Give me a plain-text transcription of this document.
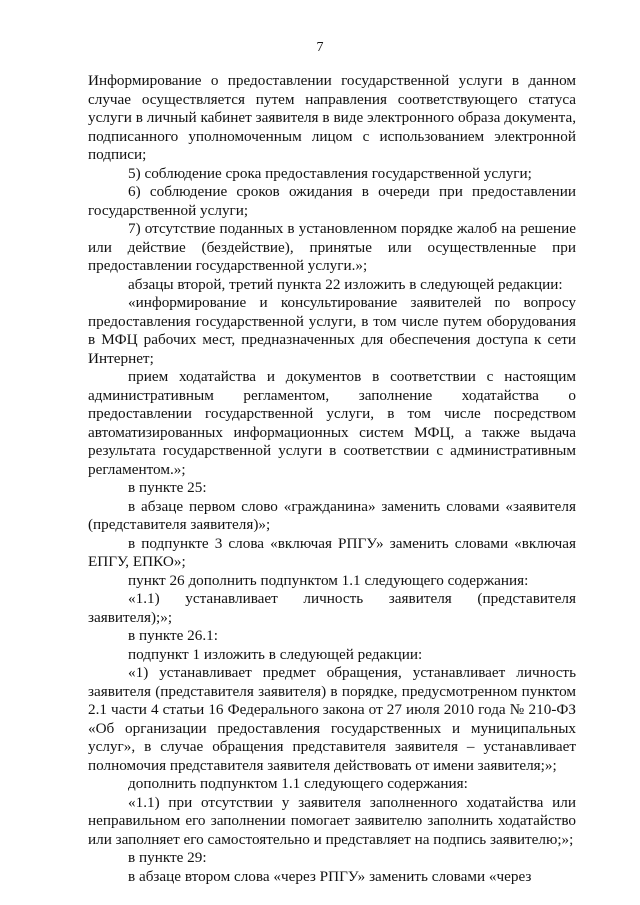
7

Информирование о предоставлении государственной услуги в данном случае осуществляется путем направления соответствующего статуса услуги в личный кабинет заявителя в виде электронного образа документа, подписанного уполномоченным лицом с использованием электронной подписи;

5) соблюдение срока предоставления государственной услуги;

6) соблюдение сроков ожидания в очереди при предоставлении государственной услуги;

7) отсутствие поданных в установленном порядке жалоб на решение или действие (бездействие), принятые или осуществленные при предоставлении государственной услуги.»;

абзацы второй, третий пункта 22 изложить в следующей редакции:

«информирование и консультирование заявителей по вопросу предоставления государственной услуги, в том числе путем оборудования в МФЦ рабочих мест, предназначенных для обеспечения доступа к сети Интернет;

прием ходатайства и документов в соответствии с настоящим административным регламентом, заполнение ходатайства о предоставлении государственной услуги, в том числе посредством автоматизированных информационных систем МФЦ, а также выдача результата государственной услуги в соответствии с административным регламентом.»;

в пункте 25:

в абзаце первом слово «гражданина» заменить словами «заявителя (представителя заявителя)»;

в подпункте 3 слова «включая РПГУ» заменить словами «включая ЕПГУ, ЕПКО»;

пункт 26 дополнить подпунктом 1.1 следующего содержания:

«1.1) устанавливает личность заявителя (представителя заявителя);»;

в пункте 26.1:

подпункт 1 изложить в следующей редакции:

«1) устанавливает предмет обращения, устанавливает личность заявителя (представителя заявителя) в порядке, предусмотренном пунктом 2.1 части 4 статьи 16 Федерального закона от 27 июля 2010 года № 210-ФЗ «Об организации предоставления государственных и муниципальных услуг», в случае обращения представителя заявителя – устанавливает полномочия представителя заявителя действовать от имени заявителя;»;

дополнить подпунктом 1.1 следующего содержания:

«1.1) при отсутствии у заявителя заполненного ходатайства или неправильном его заполнении помогает заявителю заполнить ходатайство или заполняет его самостоятельно и представляет на подпись заявителю;»;

в пункте 29:

в абзаце втором слова «через РПГУ» заменить словами «через
